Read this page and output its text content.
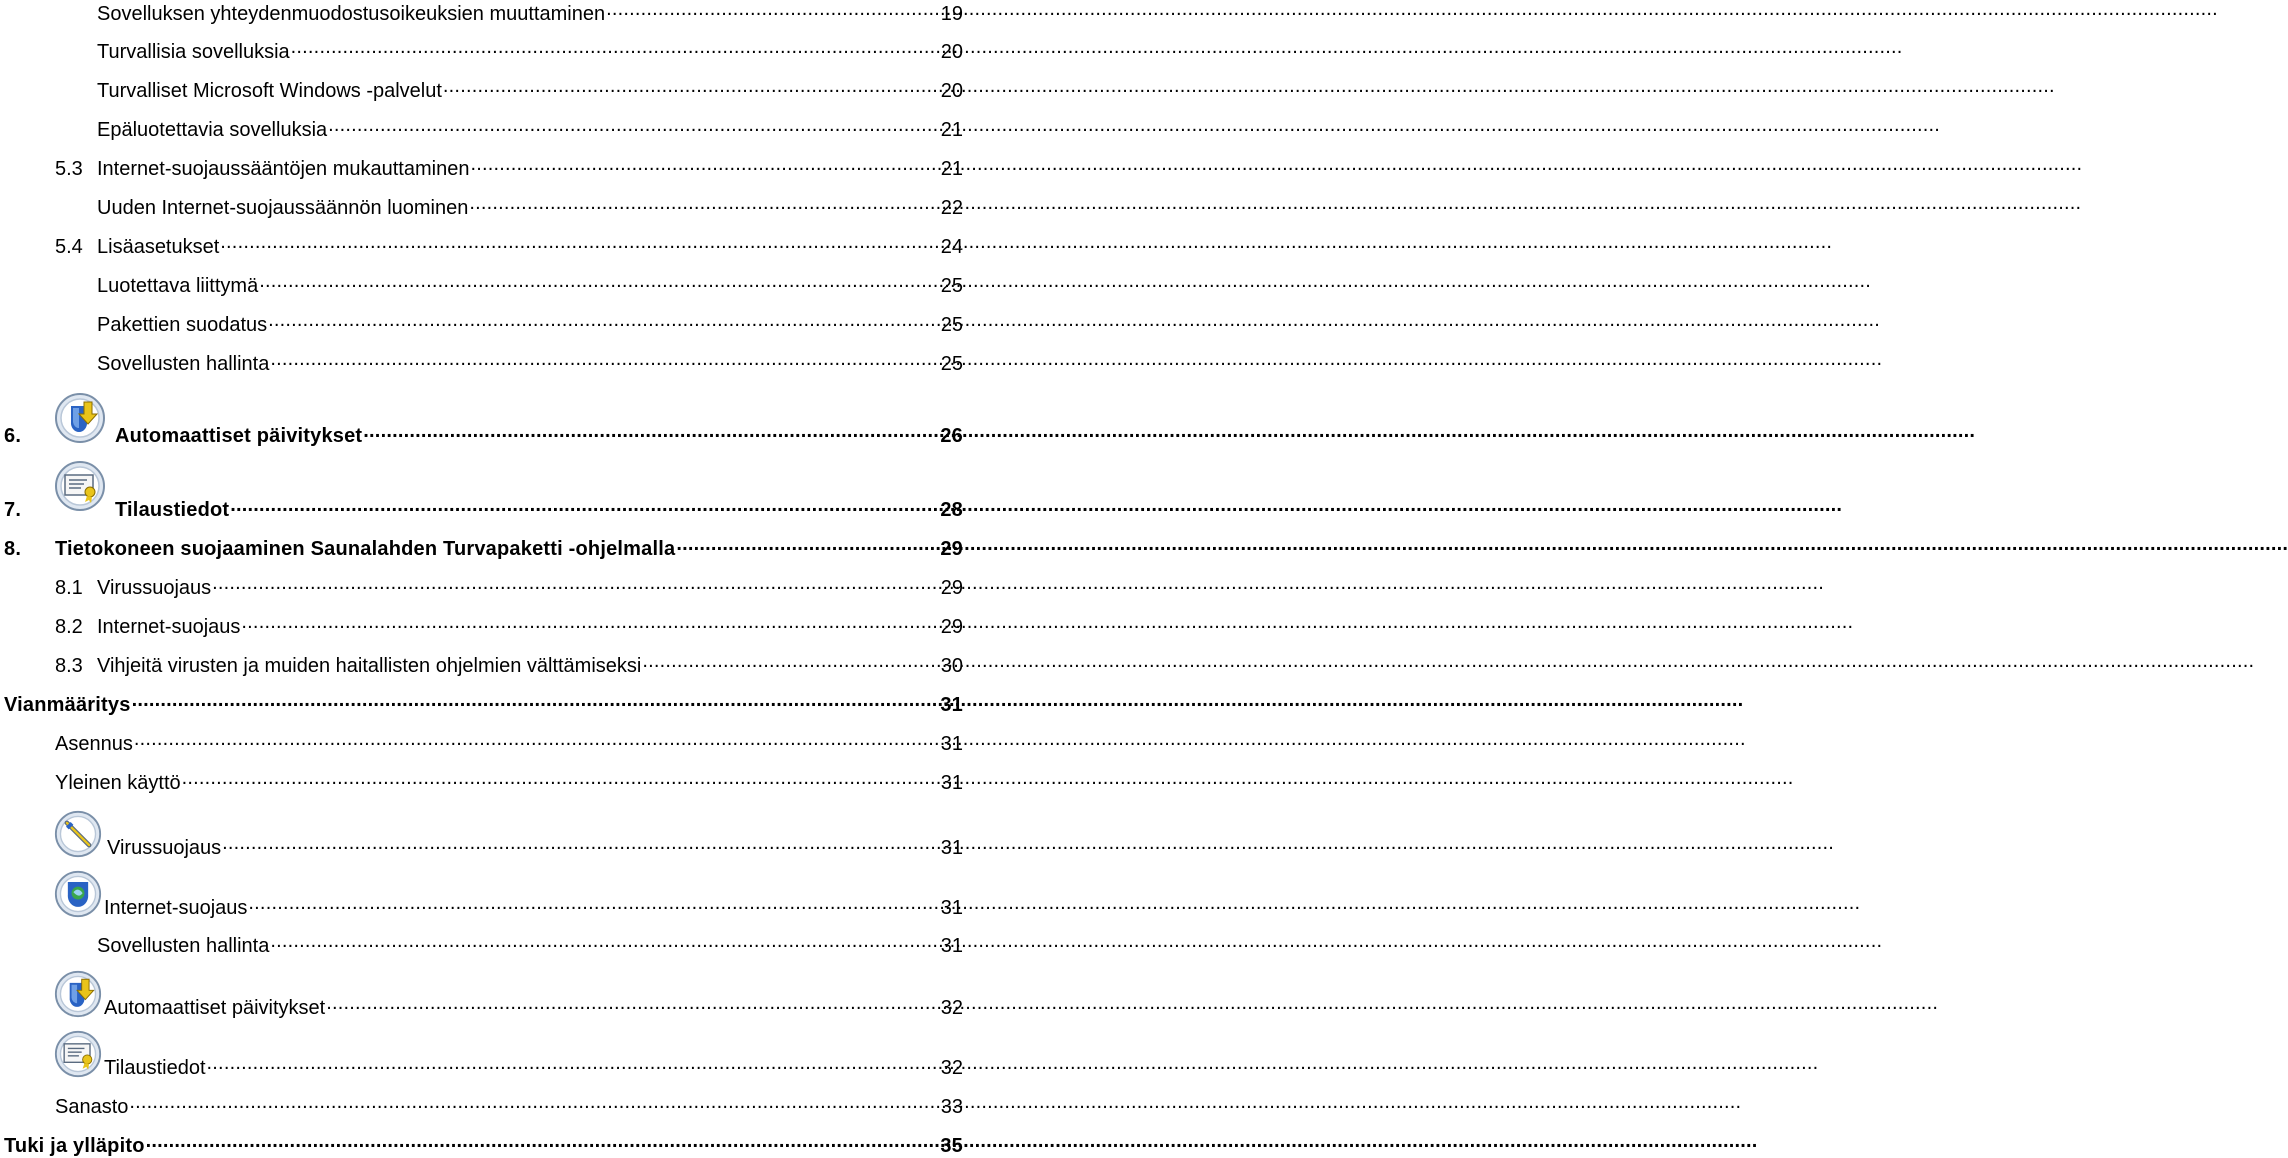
Sovelluksen yhteydenmuodostusoikeuksien muuttaminen .....	19
Turvallisia sovelluksia .....	20
Turvalliset Microsoft Windows -palvelut .....	20
Epäluotettavia sovelluksia .....	21
5.3 Internet-suojaussääntöjen mukauttaminen .....	21
Uuden Internet-suojaussäännön luominen .....	22
5.4 Lisäasetukset .....	24
Luotettava liittymä .....	25
Pakettien suodatus .....	25
Sovellusten hallinta .....	25
6.	Automaattiset päivitykset .....	26
7.	Tilaustiedot .....	28
8.	Tietokoneen suojaaminen Saunalahden Turvapaketti -ohjelmalla .....	29
8.1 Virussuojaus .....	29
8.2 Internet-suojaus .....	29
8.3 Vihjeitä virusten ja muiden haitallisten ohjelmien välttämiseksi .....	30
Vianmääritys .....	31
Asennus .....	31
Yleinen käyttö .....	31
Virussuojaus .....	31
Internet-suojaus .....	31
Sovellusten hallinta .....	31
Automaattiset päivitykset .....	32
Tilaustiedot .....	32
Sanasto .....	33
Tuki ja ylläpito .....	35
